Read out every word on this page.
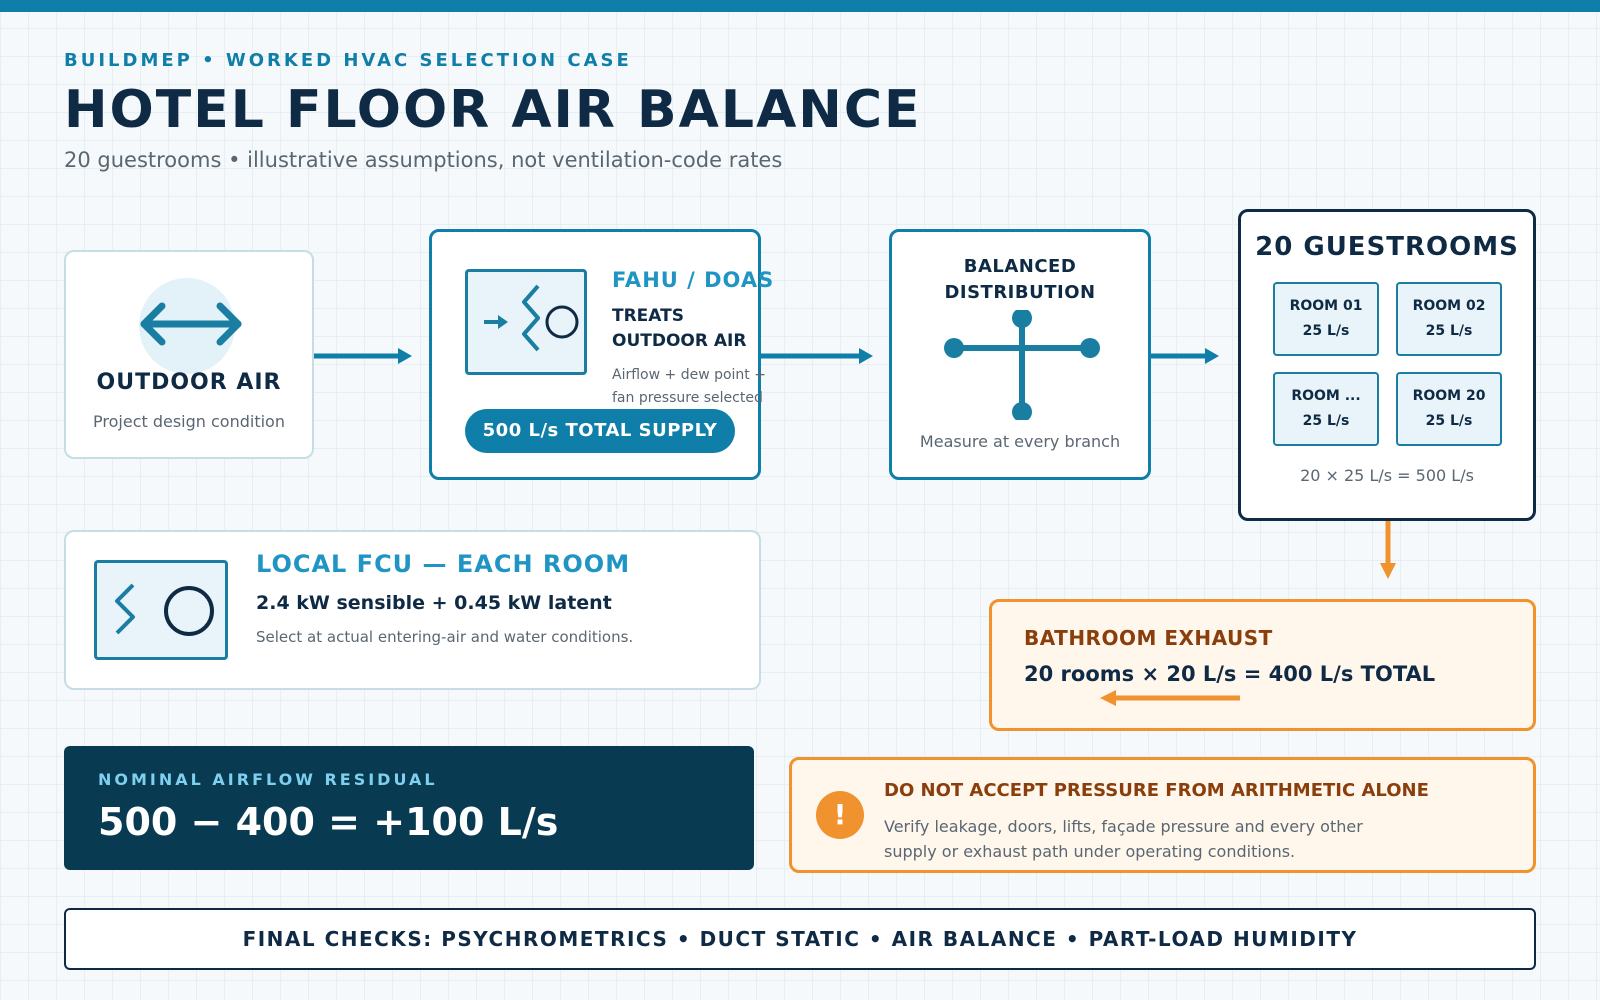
BUILDMEP • WORKED HVAC SELECTION CASE
HOTEL FLOOR AIR BALANCE
20 guestrooms • illustrative assumptions, not ventilation-code rates
OUTDOOR AIR
Project design condition
FAHU / DOAS
TREATS OUTDOOR AIR
Airflow + dew point + fan pressure selected
500 L/s TOTAL SUPPLY
BALANCED DISTRIBUTION
Measure at every branch
20 GUESTROOMS
ROOM 01
25 L/s
ROOM 02
25 L/s
ROOM ...
25 L/s
ROOM 20
25 L/s
20 × 25 L/s = 500 L/s
LOCAL FCU — EACH ROOM
2.4 kW sensible + 0.45 kW latent
Select at actual entering-air and water conditions.	BATHROOM EXHAUST
20 rooms × 20 L/s = 400 L/s TOTAL
NOMINAL AIRFLOW RESIDUAL
500 − 400 = +100 L/s	!
DO NOT ACCEPT PRESSURE FROM ARITHMETIC ALONE
Verify leakage, doors, lifts, façade pressure and every other supply or exhaust path under operating conditions.
FINAL CHECKS: PSYCHROMETRICS • DUCT STATIC • AIR BALANCE • PART-LOAD HUMIDITY
